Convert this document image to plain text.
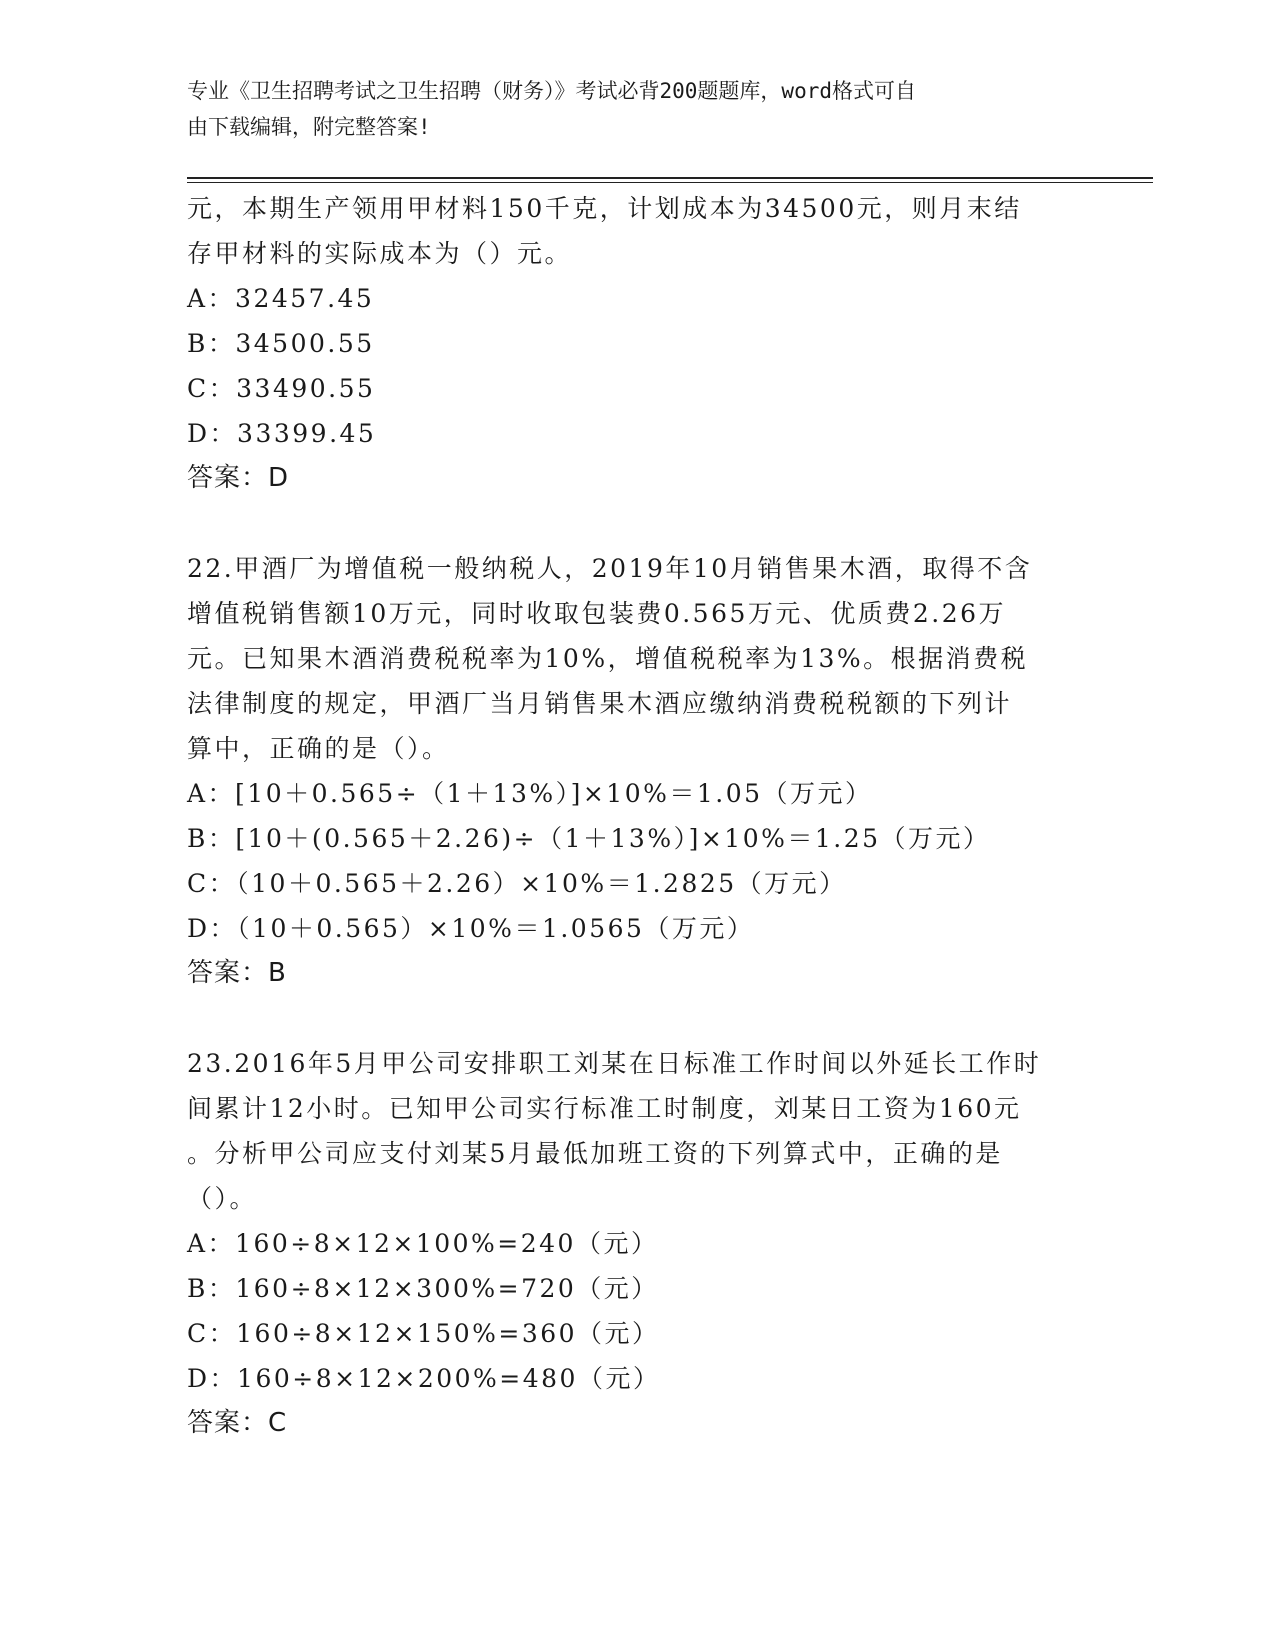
专业《卫生招聘考试之卫生招聘（财务）》考试必背200题题库，word格式可自
由下载编辑，附完整答案!
元，本期生产领用甲材料150千克，计划成本为34500元，则月末结
存甲材料的实际成本为（）元。
A：32457.45
B：34500.55
C：33490.55
D：33399.45
答案：D
22.甲酒厂为增值税一般纳税人，2019年10月销售果木酒，取得不含
增值税销售额10万元，同时收取包装费0.565万元、优质费2.26万
元。已知果木酒消费税税率为10%，增值税税率为13%。根据消费税
法律制度的规定，甲酒厂当月销售果木酒应缴纳消费税税额的下列计
算中，正确的是（）。
A：[10＋0.565÷（1＋13%）]×10%＝1.05（万元）
B：[10＋(0.565＋2.26)÷（1＋13%）]×10%＝1.25（万元）
C：（10＋0.565＋2.26）×10%＝1.2825（万元）
D：（10＋0.565）×10%＝1.0565（万元）
答案：B
23.2016年5月甲公司安排职工刘某在日标准工作时间以外延长工作时
间累计12小时。已知甲公司实行标准工时制度，刘某日工资为160元
。分析甲公司应支付刘某5月最低加班工资的下列算式中，正确的是
（）。
A：160÷8×12×100%=240（元）
B：160÷8×12×300%=720（元）
C：160÷8×12×150%=360（元）
D：160÷8×12×200%=480（元）
答案：C
